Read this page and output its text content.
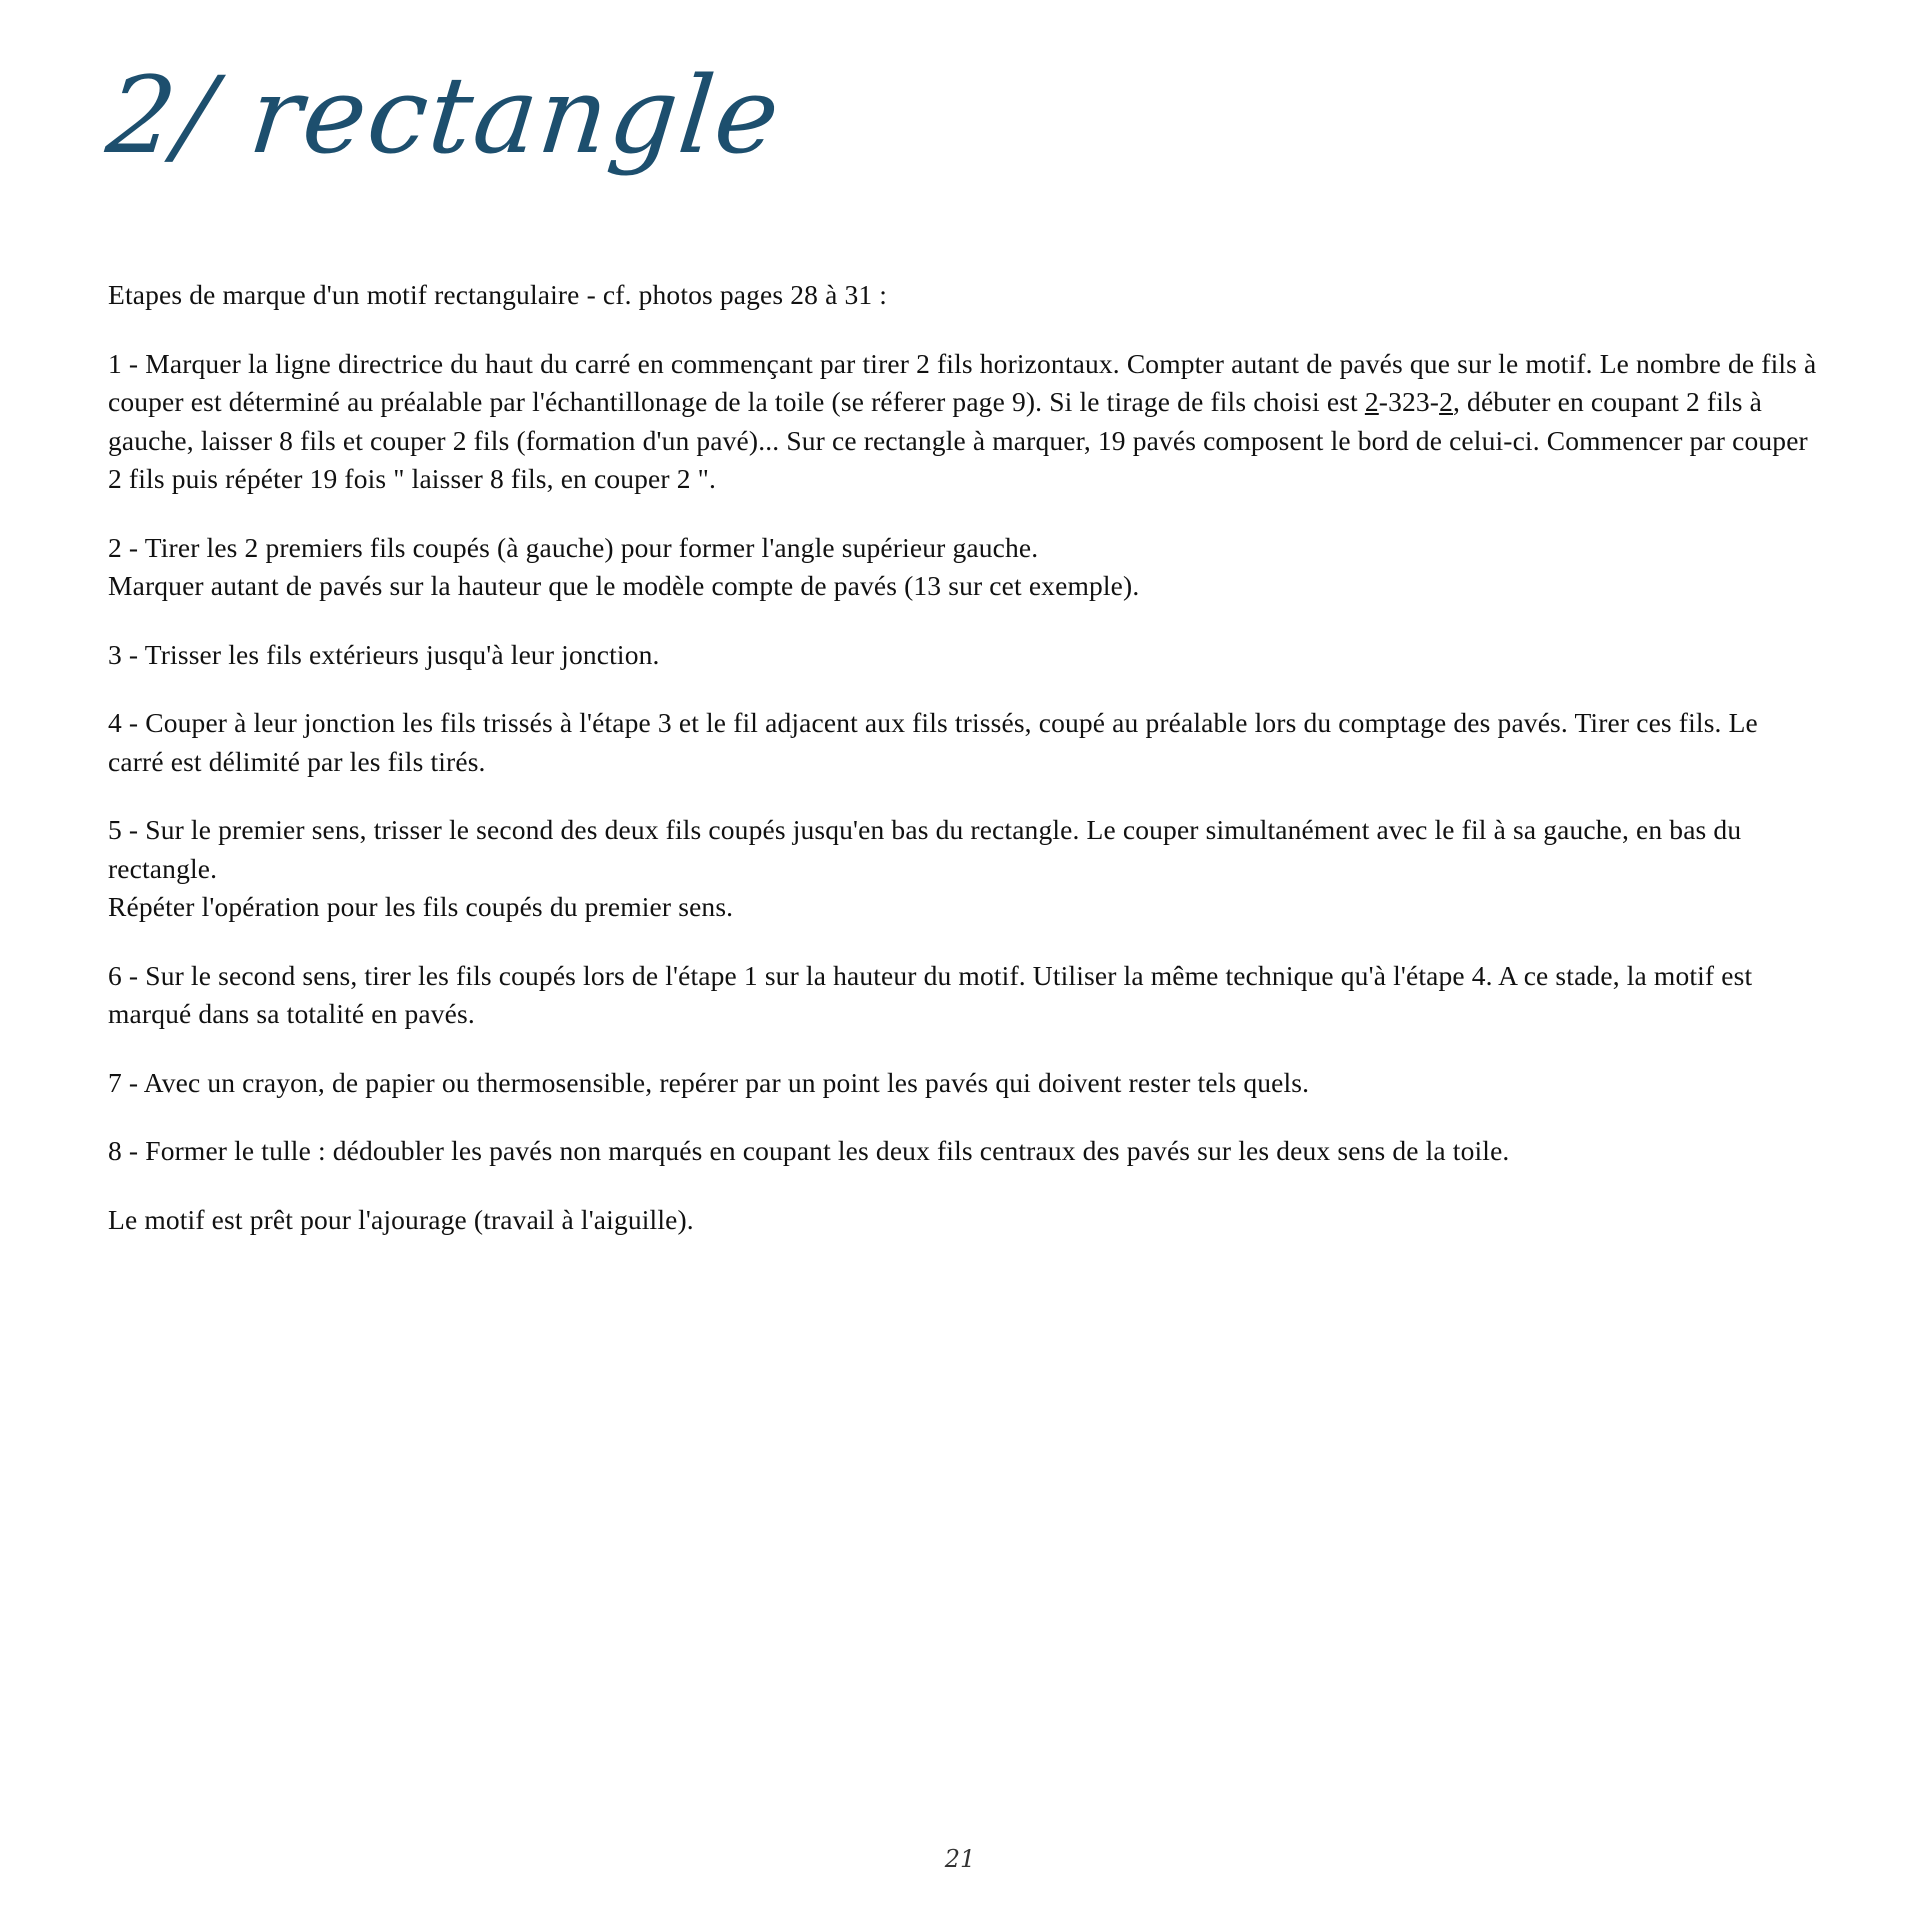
2/ rectangle

Etapes de marque d'un motif rectangulaire - cf. photos pages 28 à 31 :

1 - Marquer la ligne directrice du haut du carré en commençant par tirer 2 fils horizontaux. Compter autant de pavés que sur le motif. Le nombre de fils à couper est déterminé au préalable par l'échantillonage de la toile (se réferer page 9). Si le tirage de fils choisi est 2-323-2, débuter en coupant 2 fils à gauche, laisser 8 fils et couper 2 fils (formation d'un pavé)... Sur ce rectangle à marquer, 19 pavés composent le bord de celui-ci. Commencer par couper 2 fils puis répéter 19 fois " laisser 8 fils, en couper 2 ".

2 - Tirer les 2 premiers fils coupés (à gauche) pour former l'angle supérieur gauche.
Marquer autant de pavés sur la hauteur que le modèle compte de pavés (13 sur cet exemple).

3 - Trisser les fils extérieurs jusqu'à leur jonction.

4 - Couper à leur jonction les fils trissés à l'étape 3 et le fil adjacent aux fils trissés, coupé au préalable lors du comptage des pavés. Tirer ces fils. Le carré est délimité par les fils tirés.

5 - Sur le premier sens, trisser le second des deux fils coupés jusqu'en bas du rectangle. Le couper simultanément avec le fil à sa gauche, en bas du rectangle.
Répéter l'opération pour les fils coupés du premier sens.

6 - Sur le second sens, tirer les fils coupés lors de l'étape 1 sur la hauteur du motif. Utiliser la même technique qu'à l'étape 4. A ce stade, la motif est marqué dans sa totalité en pavés.

7 - Avec un crayon, de papier ou thermosensible, repérer par un point les pavés qui doivent rester tels quels.

8 - Former le tulle : dédoubler les pavés non marqués en coupant les deux fils centraux des pavés sur les deux sens de la toile.

Le motif est prêt pour l'ajourage (travail à l'aiguille).

21
